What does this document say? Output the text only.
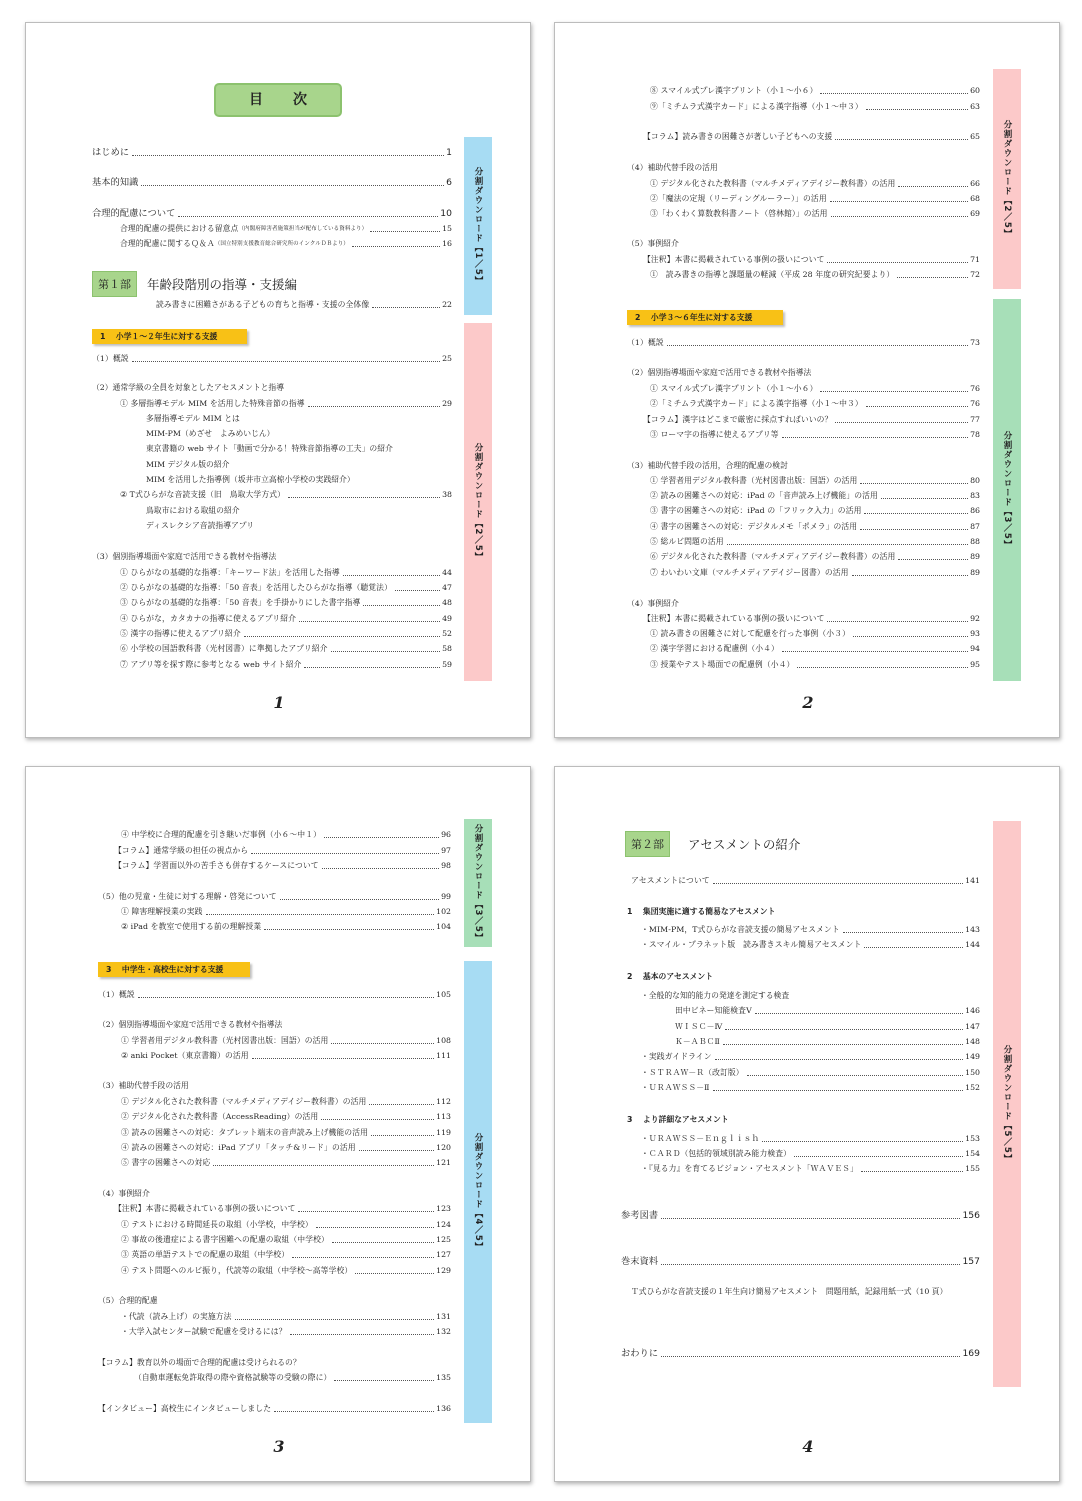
目　次
はじめに	1
基本的知識	6
合理的配慮について	10
合理的配慮の提供における留意点 （内閣府障害者施策担当が配布している資料より）	15
合理的配慮に関するＱ＆Ａ （国立特別支援教育総合研究所のインクルＤＢより）	16
第１部	年齢段階別の指導・支援編
読み書きに困難さがある子どもの育ちと指導・支援の全体像	22
1　 小学１～２年生に対する支援
（1）概説	25
（2）通常学級の全員を対象としたアセスメントと指導
① 多層指導モデル MIM を活用した特殊音節の指導	29
多層指導モデル MIM とは
MIM-PM（めざせ　よみめいじん）
東京書籍の web サイト「動画で分かる！特殊音節指導の工夫」の紹介
MIM デジタル版の紹介
MIM を活用した指導例（坂井市立高椋小学校の実践紹介）
② T式ひらがな音読支援（旧　鳥取大学方式）	38
鳥取市における取組の紹介
ディスレクシア音読指導アプリ
（3）個別指導場面や家庭で活用できる教材や指導法
① ひらがなの基礎的な指導：「キーワード法」を活用した指導	44
② ひらがなの基礎的な指導：「50 音表」を活用したひらがな指導（聴覚法）	47
③ ひらがなの基礎的な指導：「50 音表」を手掛かりにした書字指導	48
④ ひらがな，カタカナの指導に使えるアプリ紹介	49
⑤ 漢字の指導に使えるアプリ紹介	52
⑥ 小学校の国語教科書（光村図書）に準拠したアプリ紹介	58
⑦ アプリ等を探す際に参考となる web サイト紹介	59
分割ダウンロード【1／5】
分割ダウンロード【2／5】
1
⑧ スマイル式プレ漢字プリント（小１～小６）	60
⑨「ミチムラ式漢字カード」による漢字指導（小１～中３）	63
【コラム】読み書きの困難さが著しい子どもへの支援	65
（4）補助代替手段の活用
① デジタル化された教科書（マルチメディアデイジー教科書）の活用	66
②「魔法の定規（リーディングルーラー）」の活用	68
③「わくわく算数教科書ノート（啓林館）」の活用	69
（5）事例紹介
【注釈】本書に掲載されている事例の扱いについて	71
①　読み書きの指導と課題量の軽減（平成 28 年度の研究紀要より）	72
2　 小学３～６年生に対する支援
（1）概説	73
（2）個別指導場面や家庭で活用できる教材や指導法
① スマイル式プレ漢字プリント（小１～小６）	76
②「ミチムラ式漢字カード」による漢字指導（小１～中３）	76
【コラム】漢字はどこまで厳密に採点すればいいの？	77
③ ローマ字の指導に使えるアプリ等	78
（3）補助代替手段の活用，合理的配慮の検討
① 学習者用デジタル教科書（光村図書出版：国語）の活用	80
② 読みの困難さへの対応：iPad の「音声読み上げ機能」の活用	83
③ 書字の困難さへの対応：iPad の「フリック入力」の活用	86
④ 書字の困難さへの対応：デジタルメモ「ポメラ」の活用	87
⑤ 総ルビ問題の活用	88
⑥ デジタル化された教科書（マルチメディアデイジー教科書）の活用	89
⑦ わいわい文庫（マルチメディアデイジー図書）の活用	89
（4）事例紹介
【注釈】本書に掲載されている事例の扱いについて	92
① 読み書きの困難さに対して配慮を行った事例（小３）	93
② 漢字学習における配慮例（小４）	94
③ 授業やテスト場面での配慮例（小４）	95
分割ダウンロード【2／5】
分割ダウンロード【3／5】
2
④ 中学校に合理的配慮を引き継いだ事例（小６～中１）	96
【コラム】通常学級の担任の視点から	97
【コラム】学習面以外の苦手さも併存するケースについて	98
（5）他の児童・生徒に対する理解・啓発について	99
① 障害理解授業の実践	102
② iPad を教室で使用する前の理解授業	104
3　 中学生・高校生に対する支援
（1）概説	105
（2）個別指導場面や家庭で活用できる教材や指導法
① 学習者用デジタル教科書（光村図書出版：国語）の活用	108
② anki Pocket（東京書籍）の活用	111
（3）補助代替手段の活用
① デジタル化された教科書（マルチメディアデイジー教科書）の活用	112
② デジタル化された教科書（AccessReading）の活用	113
③ 読みの困難さへの対応：タブレット端末の音声読み上げ機能の活用	119
④ 読みの困難さへの対応：iPad アプリ「タッチ&リード」の活用	120
⑤ 書字の困難さへの対応	121
（4）事例紹介
【注釈】本書に掲載されている事例の扱いについて	123
① テストにおける時間延長の取組（小学校，中学校）	124
② 事故の後遺症による書字困難への配慮の取組（中学校）	125
③ 英語の単語テストでの配慮の取組（中学校）	127
④ テスト問題へのルビ振り，代読等の取組（中学校～高等学校）	129
（5）合理的配慮
・代読（読み上げ）の実施方法	131
・大学入試センター試験で配慮を受けるには？	132
【コラム】教育以外の場面で合理的配慮は受けられるの？
（自動車運転免許取得の際や資格試験等の受験の際に）	135
【インタビュー】高校生にインタビューしました	136
分割ダウンロード【3／5】
分割ダウンロード【4／5】
3
第２部	アセスメントの紹介
アセスメントについて	141
1　 集団実施に適する簡易なアセスメント
・MIM-PM，T式ひらがな音読支援の簡易アセスメント	143
・スマイル・プラネット版　読み書きスキル簡易アセスメント	144
2　 基本のアセスメント
・全般的な知的能力の発達を測定する検査
田中ビネー知能検査Ⅴ	146
ＷＩＳＣ－Ⅳ	147
Ｋ－ＡＢＣⅡ	148
・実践ガイドライン	149
・ＳＴＲＡＷ－Ｒ（改訂版）	150
・ＵＲＡＷＳＳ－Ⅱ	152
3　 より詳細なアセスメント
・ＵＲＡＷＳＳ－Ｅｎｇｌｉｓｈ	153
・ＣＡＲＤ（包括的領域別読み能力検査）	154
・『見る力』を育てるビジョン・アセスメント「ＷＡＶＥＳ」	155
参考図書	156
巻末資料	157
Ｔ式ひらがな音読支援の１年生向け簡易アセスメント　問題用紙，記録用紙一式（10 頁）
おわりに	169
分割ダウンロード【5／5】
4
